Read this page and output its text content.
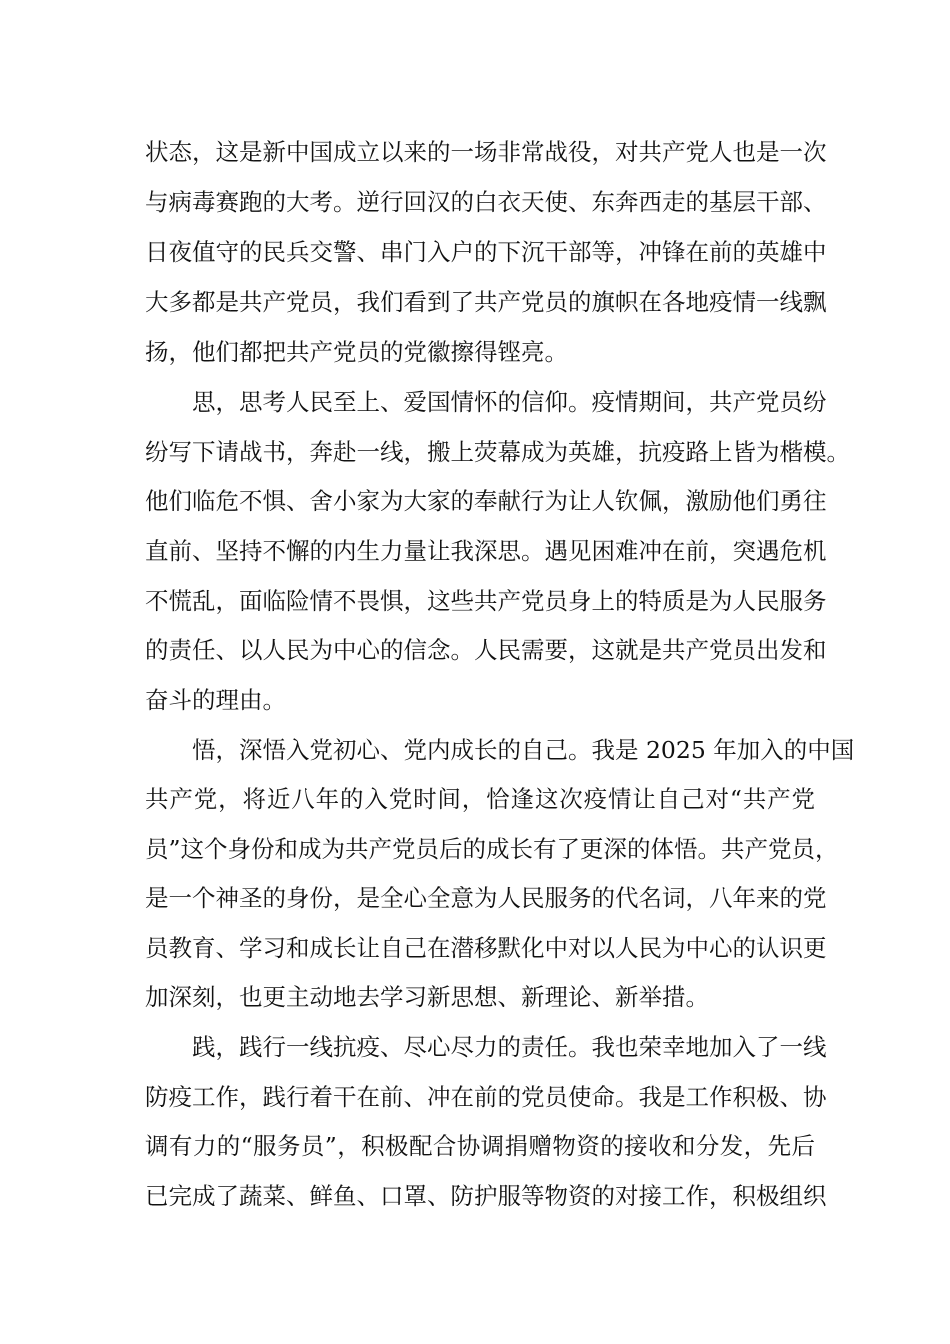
状态，这是新中国成立以来的一场非常战役，对共产党人也是一次
与病毒赛跑的大考。逆行回汉的白衣天使、东奔西走的基层干部、
日夜值守的民兵交警、串门入户的下沉干部等，冲锋在前的英雄中
大多都是共产党员，我们看到了共产党员的旗帜在各地疫情一线飘
扬，他们都把共产党员的党徽擦得铿亮。
思，思考人民至上、爱国情怀的信仰。疫情期间，共产党员纷
纷写下请战书，奔赴一线，搬上荧幕成为英雄，抗疫路上皆为楷模。
他们临危不惧、舍小家为大家的奉献行为让人钦佩，激励他们勇往
直前、坚持不懈的内生力量让我深思。遇见困难冲在前，突遇危机
不慌乱，面临险情不畏惧，这些共产党员身上的特质是为人民服务
的责任、以人民为中心的信念。人民需要，这就是共产党员出发和
奋斗的理由。
悟，深悟入党初心、党内成长的自己。我是 2025 年加入的中国
共产党，将近八年的入党时间，恰逢这次疫情让自己对“共产党
员”这个身份和成为共产党员后的成长有了更深的体悟。共产党员，
是一个神圣的身份，是全心全意为人民服务的代名词，八年来的党
员教育、学习和成长让自己在潜移默化中对以人民为中心的认识更
加深刻，也更主动地去学习新思想、新理论、新举措。
践，践行一线抗疫、尽心尽力的责任。我也荣幸地加入了一线
防疫工作，践行着干在前、冲在前的党员使命。我是工作积极、协
调有力的“服务员”，积极配合协调捐赠物资的接收和分发，先后
已完成了蔬菜、鲜鱼、口罩、防护服等物资的对接工作，积极组织
